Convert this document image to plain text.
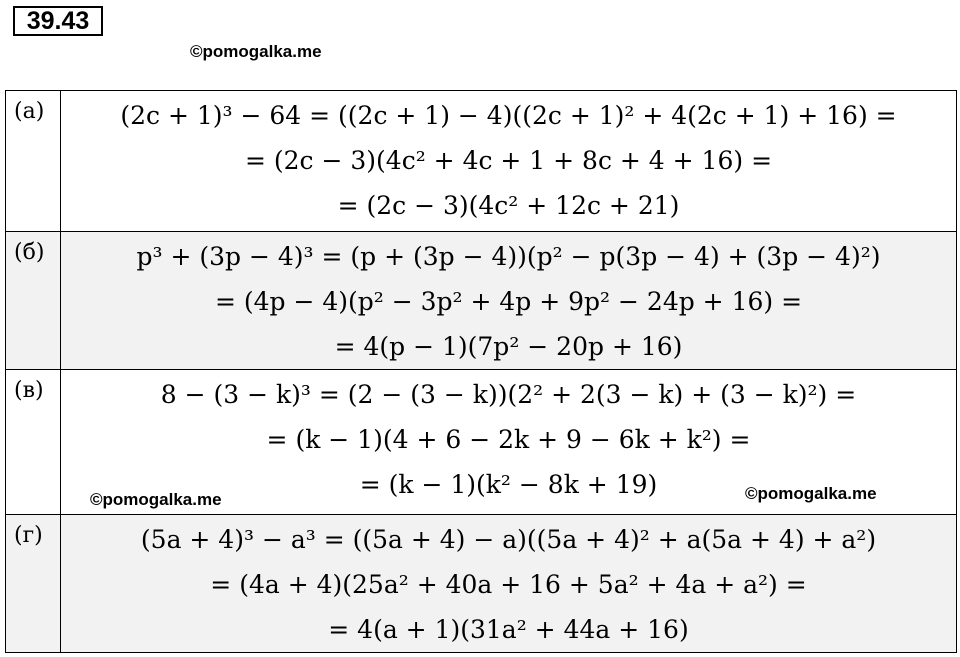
39.43
©pomogalka.me
(а)	(2c + 1)³ − 64 = ((2c + 1) − 4)((2c + 1)² + 4(2c + 1) + 16) =
= (2c − 3)(4c² + 4c + 1 + 8c + 4 + 16) =
= (2c − 3)(4c² + 12c + 21)

(б)	p³ + (3p − 4)³ = (p + (3p − 4))(p² − p(3p − 4) + (3p − 4)²)
= (4p − 4)(p² − 3p² + 4p + 9p² − 24p + 16) =
= 4(p − 1)(7p² − 20p + 16)

(в)	8 − (3 − k)³ = (2 − (3 − k))(2² + 2(3 − k) + (3 − k)²) =
= (k − 1)(4 + 6 − 2k + 9 − 6k + k²) =
= (k − 1)(k² − 8k + 19)

(г)	(5a + 4)³ − a³ = ((5a + 4) − a)((5a + 4)² + a(5a + 4) + a²)
= (4a + 4)(25a² + 40a + 16 + 5a² + 4a + a²) =
= 4(a + 1)(31a² + 44a + 16)
©pomogalka.me	©pomogalka.me
